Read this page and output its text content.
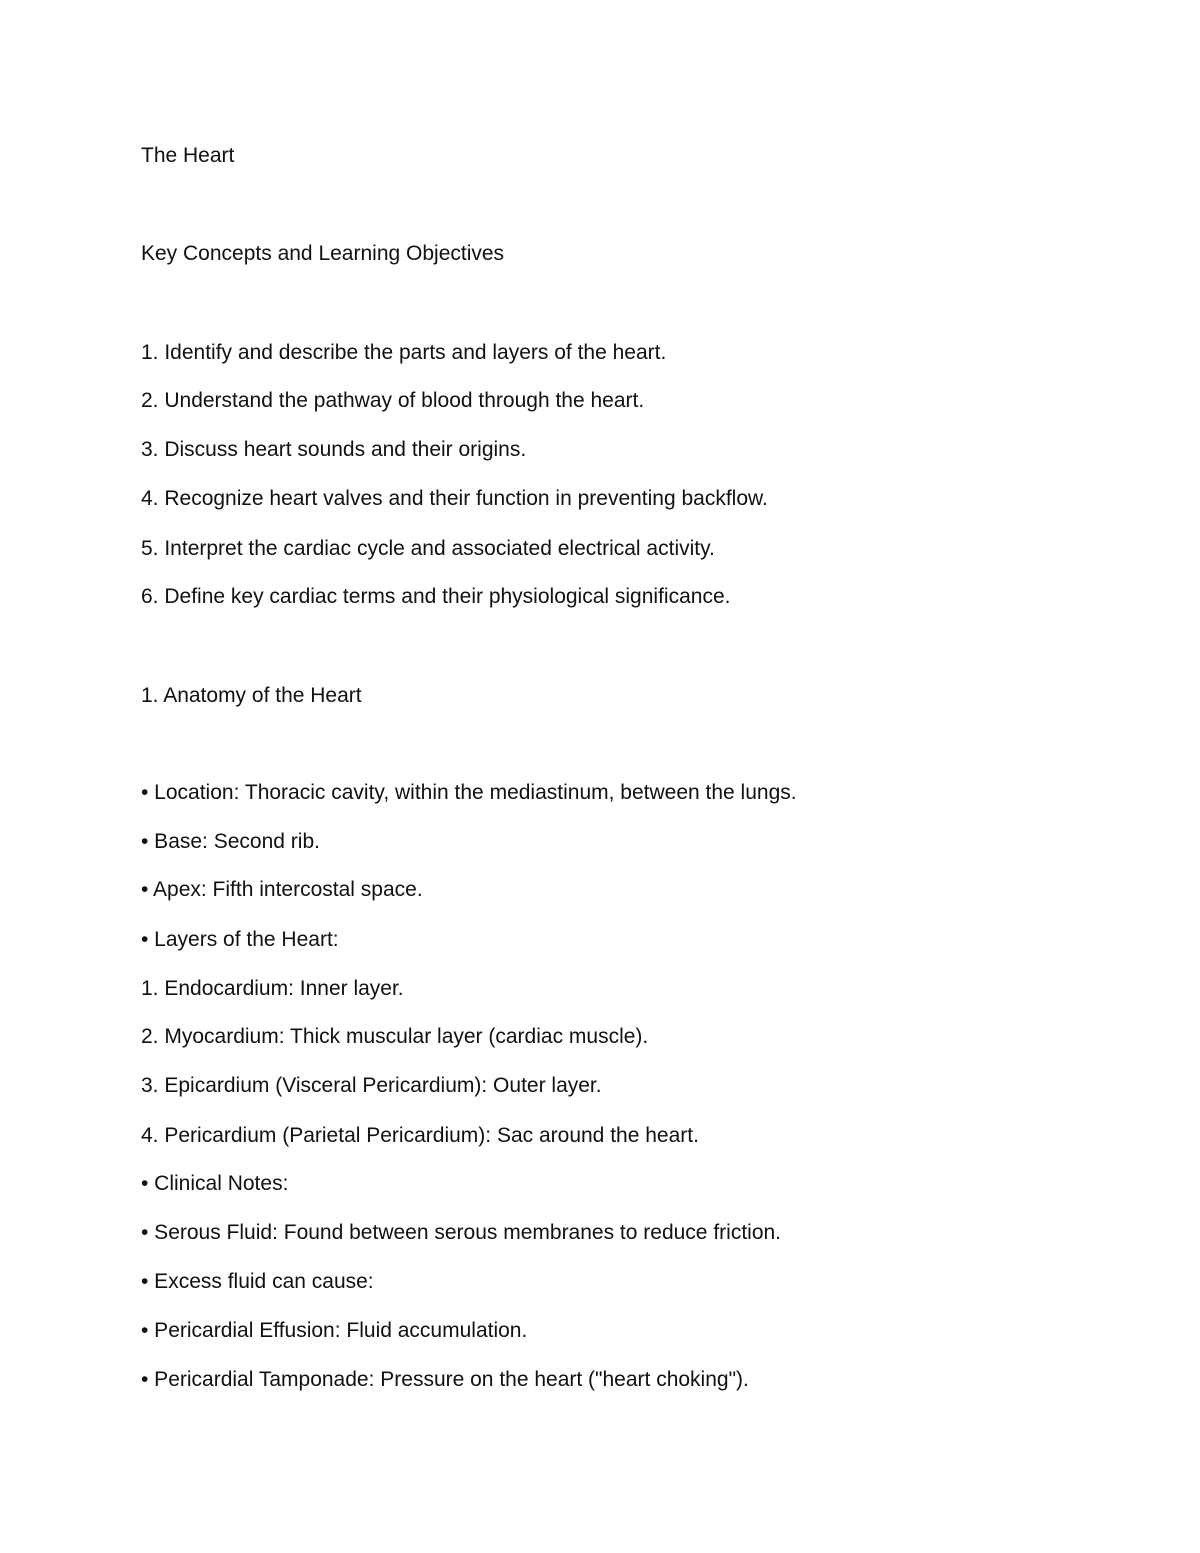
The Heart

Key Concepts and Learning Objectives

1. Identify and describe the parts and layers of the heart.

2. Understand the pathway of blood through the heart.

3. Discuss heart sounds and their origins.

4. Recognize heart valves and their function in preventing backflow.

5. Interpret the cardiac cycle and associated electrical activity.

6. Define key cardiac terms and their physiological significance.

1. Anatomy of the Heart

• Location: Thoracic cavity, within the mediastinum, between the lungs.

• Base: Second rib.

• Apex: Fifth intercostal space.

• Layers of the Heart:

1. Endocardium: Inner layer.

2. Myocardium: Thick muscular layer (cardiac muscle).

3. Epicardium (Visceral Pericardium): Outer layer.

4. Pericardium (Parietal Pericardium): Sac around the heart.

• Clinical Notes:

• Serous Fluid: Found between serous membranes to reduce friction.

• Excess fluid can cause:

• Pericardial Effusion: Fluid accumulation.

• Pericardial Tamponade: Pressure on the heart ("heart choking").
